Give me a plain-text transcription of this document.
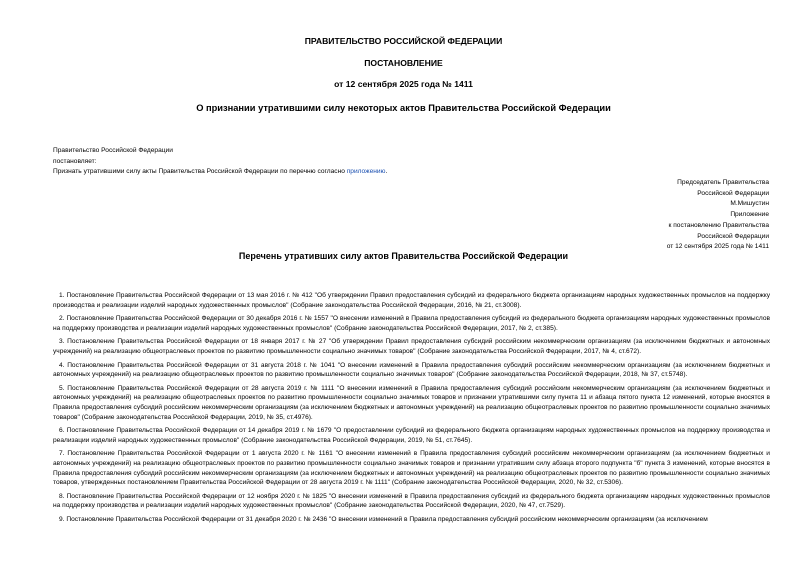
ПРАВИТЕЛЬСТВО РОССИЙСКОЙ ФЕДЕРАЦИИ
ПОСТАНОВЛЕНИЕ
от 12 сентября 2025 года № 1411
О признании утратившими силу некоторых актов Правительства Российской Федерации
Правительство Российской Федерации
постановляет:
Признать утратившими силу акты Правительства Российской Федерации по перечню согласно приложению.
Председатель Правительства
Российской Федерации
М.Мишустин
Приложение
к постановлению Правительства
Российской Федерации
от 12 сентября 2025 года № 1411
Перечень утративших силу актов Правительства Российской Федерации

1. Постановление Правительства Российской Федерации от 13 мая 2016 г. № 412 "Об утверждении Правил предоставления субсидий из федерального бюджета организациям народных художественных промыслов на поддержку производства и реализации изделий народных художественных промыслов" (Собрание законодательства Российской Федерации, 2016, № 21, ст.3008).

2. Постановление Правительства Российской Федерации от 30 декабря 2016 г. № 1557 "О внесении изменений в Правила предоставления субсидий из федерального бюджета организациям народных художественных промыслов на поддержку производства и реализации изделий народных художественных промыслов" (Собрание законодательства Российской Федерации, 2017, № 2, ст.385).

3. Постановление Правительства Российской Федерации от 18 января 2017 г. № 27 "Об утверждении Правил предоставления субсидий российским некоммерческим организациям (за исключением бюджетных и автономных учреждений) на реализацию общеотраслевых проектов по развитию промышленности социально значимых товаров" (Собрание законодательства Российской Федерации, 2017, № 4, ст.672).

4. Постановление Правительства Российской Федерации от 31 августа 2018 г. № 1041 "О внесении изменений в Правила предоставления субсидий российским некоммерческим организациям (за исключением бюджетных и автономных учреждений) на реализацию общеотраслевых проектов по развитию промышленности социально значимых товаров" (Собрание законодательства Российской Федерации, 2018, № 37, ст.5748).

5. Постановление Правительства Российской Федерации от 28 августа 2019 г. № 1111 "О внесении изменений в Правила предоставления субсидий российским некоммерческим организациям (за исключением бюджетных и автономных учреждений) на реализацию общеотраслевых проектов по развитию промышленности социально значимых товаров и признании утратившими силу пункта 11 и абзаца пятого пункта 12 изменений, которые вносятся в Правила предоставления субсидий российским некоммерческим организациям (за исключением бюджетных и автономных учреждений) на реализацию общеотраслевых проектов по развитию промышленности социально значимых товаров" (Собрание законодательства Российской Федерации, 2019, № 35, ст.4976).

6. Постановление Правительства Российской Федерации от 14 декабря 2019 г. № 1679 "О предоставлении субсидий из федерального бюджета организациям народных художественных промыслов на поддержку производства и реализации изделий народных художественных промыслов" (Собрание законодательства Российской Федерации, 2019, № 51, ст.7645).

7. Постановление Правительства Российской Федерации от 1 августа 2020 г. № 1161 "О внесении изменений в Правила предоставления субсидий российским некоммерческим организациям (за исключением бюджетных и автономных учреждений) на реализацию общеотраслевых проектов по развитию промышленности социально значимых товаров и признании утратившим силу абзаца второго подпункта "б" пункта 3 изменений, которые вносятся в Правила предоставления субсидий российским некоммерческим организациям (за исключением бюджетных и автономных учреждений) на реализацию общеотраслевых проектов по развитию промышленности социально значимых товаров, утвержденных постановлением Правительства Российской Федерации от 28 августа 2019 г. № 1111" (Собрание законодательства Российской Федерации, 2020, № 32, ст.5306).

8. Постановление Правительства Российской Федерации от 12 ноября 2020 г. № 1825 "О внесении изменений в Правила предоставления субсидий из федерального бюджета организациям народных художественных промыслов на поддержку производства и реализации изделий народных художественных промыслов" (Собрание законодательства Российской Федерации, 2020, № 47, ст.7529).

9. Постановление Правительства Российской Федерации от 31 декабря 2020 г. № 2436 "О внесении изменений в Правила предоставления субсидий российским некоммерческим организациям (за исключением
